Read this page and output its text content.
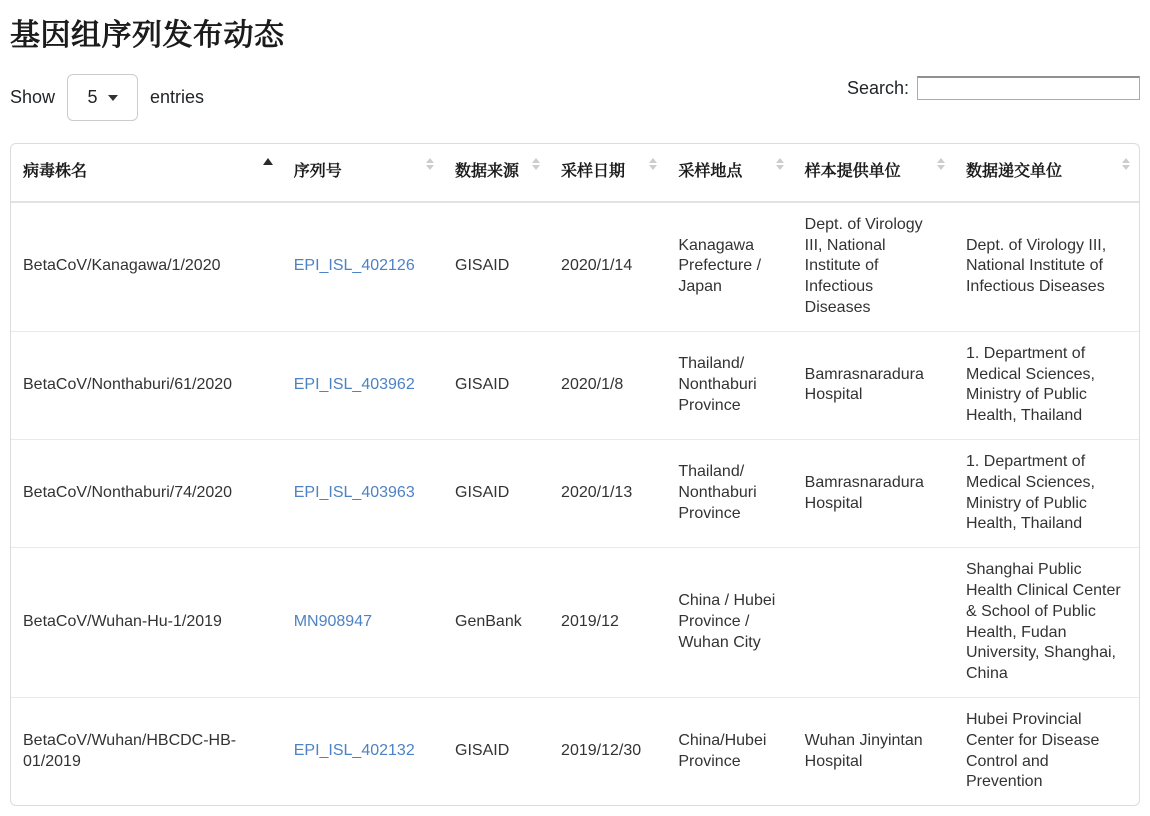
基因组序列发布动态
Show 5	entries	Search:
病毒株名	序列号	数据来源	采样日期	采样地点	样本提供单位	数据递交单位

BetaCoV/Kanagawa/1/2020	EPI_ISL_402126	GISAID	2020/1/14	Kanagawa Prefecture / Japan	Dept. of Virology III, National Institute of Infectious Diseases	Dept. of Virology III, National Institute of Infectious Diseases
BetaCoV/Nonthaburi/61/2020	EPI_ISL_403962	GISAID	2020/1/8	Thailand/ Nonthaburi Province	Bamrasnaradura Hospital	1. Department of Medical Sciences, Ministry of Public Health, Thailand
BetaCoV/Nonthaburi/74/2020	EPI_ISL_403963	GISAID	2020/1/13	Thailand/ Nonthaburi Province	Bamrasnaradura Hospital	1. Department of Medical Sciences, Ministry of Public Health, Thailand
BetaCoV/Wuhan-Hu-1/2019	MN908947	GenBank	2019/12	China / Hubei Province / Wuhan City		Shanghai Public Health Clinical Center & School of Public Health, Fudan University, Shanghai, China
BetaCoV/Wuhan/HBCDC-HB-01/2019	EPI_ISL_402132	GISAID	2019/12/30	China/Hubei Province	Wuhan Jinyintan Hospital	Hubei Provincial Center for Disease Control and Prevention
